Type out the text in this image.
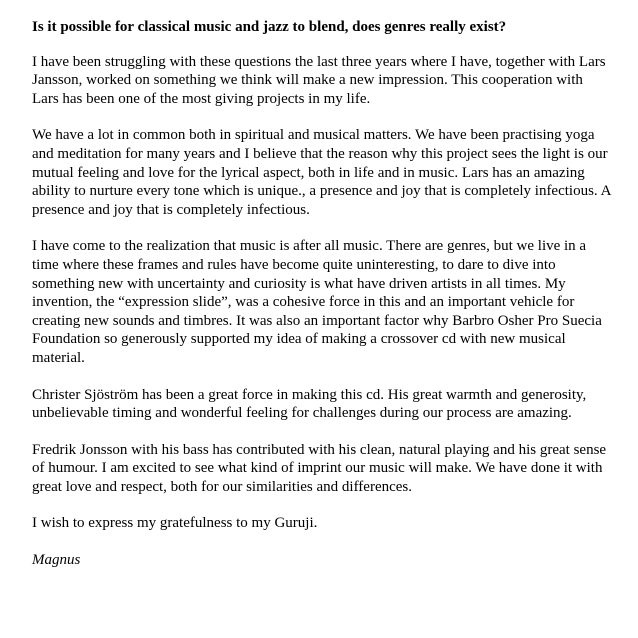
Is it possible for classical music and jazz to blend, does genres really exist?

I have been struggling with these questions the last three years where I have, together with Lars Jansson, worked on something we think will make a new impression. This cooperation with Lars has been one of the most giving projects in my life.

We have a lot in common both in spiritual and musical matters. We have been practising yoga and meditation for many years and I believe that the reason why this project sees the light is our mutual feeling and love for the lyrical aspect, both in life and in music. Lars has an amazing ability to nurture every tone which is unique., a presence and joy that is completely infectious. A presence and joy that is completely infectious.

I have come to the realization that music is after all music. There are genres, but we live in a time where these frames and rules have become quite uninteresting, to dare to dive into something new with uncertainty and curiosity is what have driven artists in all times. My invention, the “expression slide”, was a cohesive force in this and an important vehicle for creating new sounds and timbres. It was also an important factor why Barbro Osher Pro Suecia Foundation so generously supported my idea of making a crossover cd with new musical material.

Christer Sjöström has been a great force in making this cd. His great warmth and generosity, unbelievable timing and wonderful feeling for challenges during our process are amazing.

Fredrik Jonsson with his bass has contributed with his clean, natural playing and his great sense of humour. I am excited to see what kind of imprint our music will make. We have done it with great love and respect, both for our similarities and differences.

I wish to express my gratefulness to my Guruji.

Magnus
